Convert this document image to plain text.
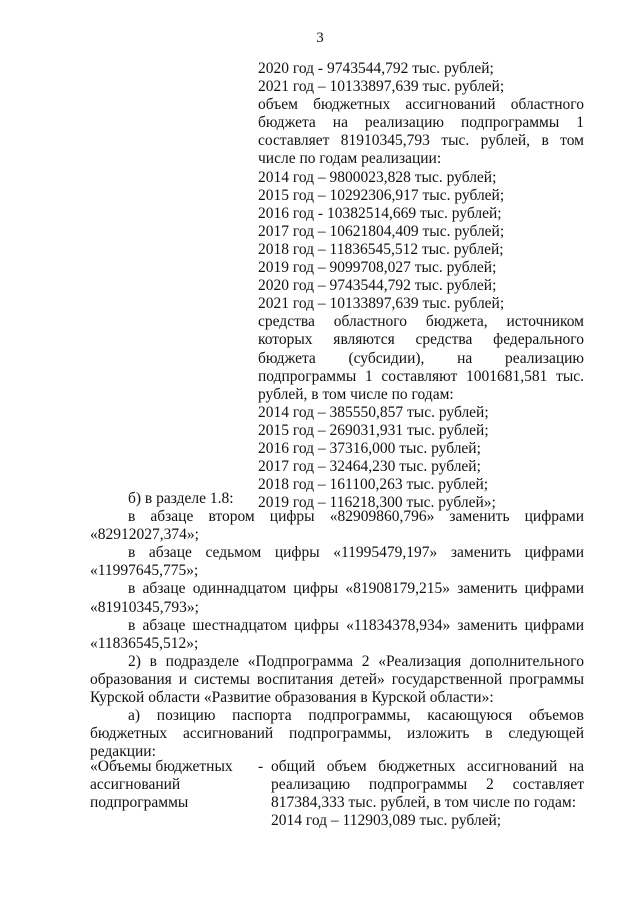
3
2020 год - 9743544,792 тыс. рублей;
2021 год – 10133897,639 тыс. рублей;
объем бюджетных ассигнований областного бюджета на реализацию подпрограммы 1 составляет 81910345,793 тыс. рублей, в том числе по годам реализации:
2014 год – 9800023,828 тыс. рублей;
2015 год – 10292306,917 тыс. рублей;
2016 год - 10382514,669 тыс. рублей;
2017 год – 10621804,409 тыс. рублей;
2018 год – 11836545,512 тыс. рублей;
2019 год – 9099708,027 тыс. рублей;
2020 год – 9743544,792 тыс. рублей;
2021 год – 10133897,639 тыс. рублей;
средства областного бюджета, источником которых являются средства федерального бюджета (субсидии), на реализацию подпрограммы 1 составляют 1001681,581 тыс. рублей, в том числе по годам:
2014 год – 385550,857 тыс. рублей;
2015 год – 269031,931 тыс. рублей;
2016 год – 37316,000 тыс. рублей;
2017 год – 32464,230 тыс. рублей;
2018 год – 161100,263 тыс. рублей;
2019 год – 116218,300 тыс. рублей»;

б) в разделе 1.8:

в абзаце втором цифры «82909860,796» заменить цифрами «82912027,374»;

в абзаце седьмом цифры «11995479,197» заменить цифрами «11997645,775»;

в абзаце одиннадцатом цифры «81908179,215» заменить цифрами «81910345,793»;

в абзаце шестнадцатом цифры «11834378,934» заменить цифрами «11836545,512»;

2) в подразделе «Подпрограмма 2 «Реализация дополнительного образования и системы воспитания детей» государственной программы Курской области «Развитие образования в Курской области»:

а) позицию паспорта подпрограммы, касающуюся объемов бюджетных ассигнований подпрограммы, изложить в следующей редакции:

«Объемы бюджетных
ассигнований
подпрограммы
- общий объем бюджетных ассигнований на реализацию подпрограммы 2 составляет 817384,333 тыс. рублей, в том числе по годам:
2014 год – 112903,089 тыс. рублей;
